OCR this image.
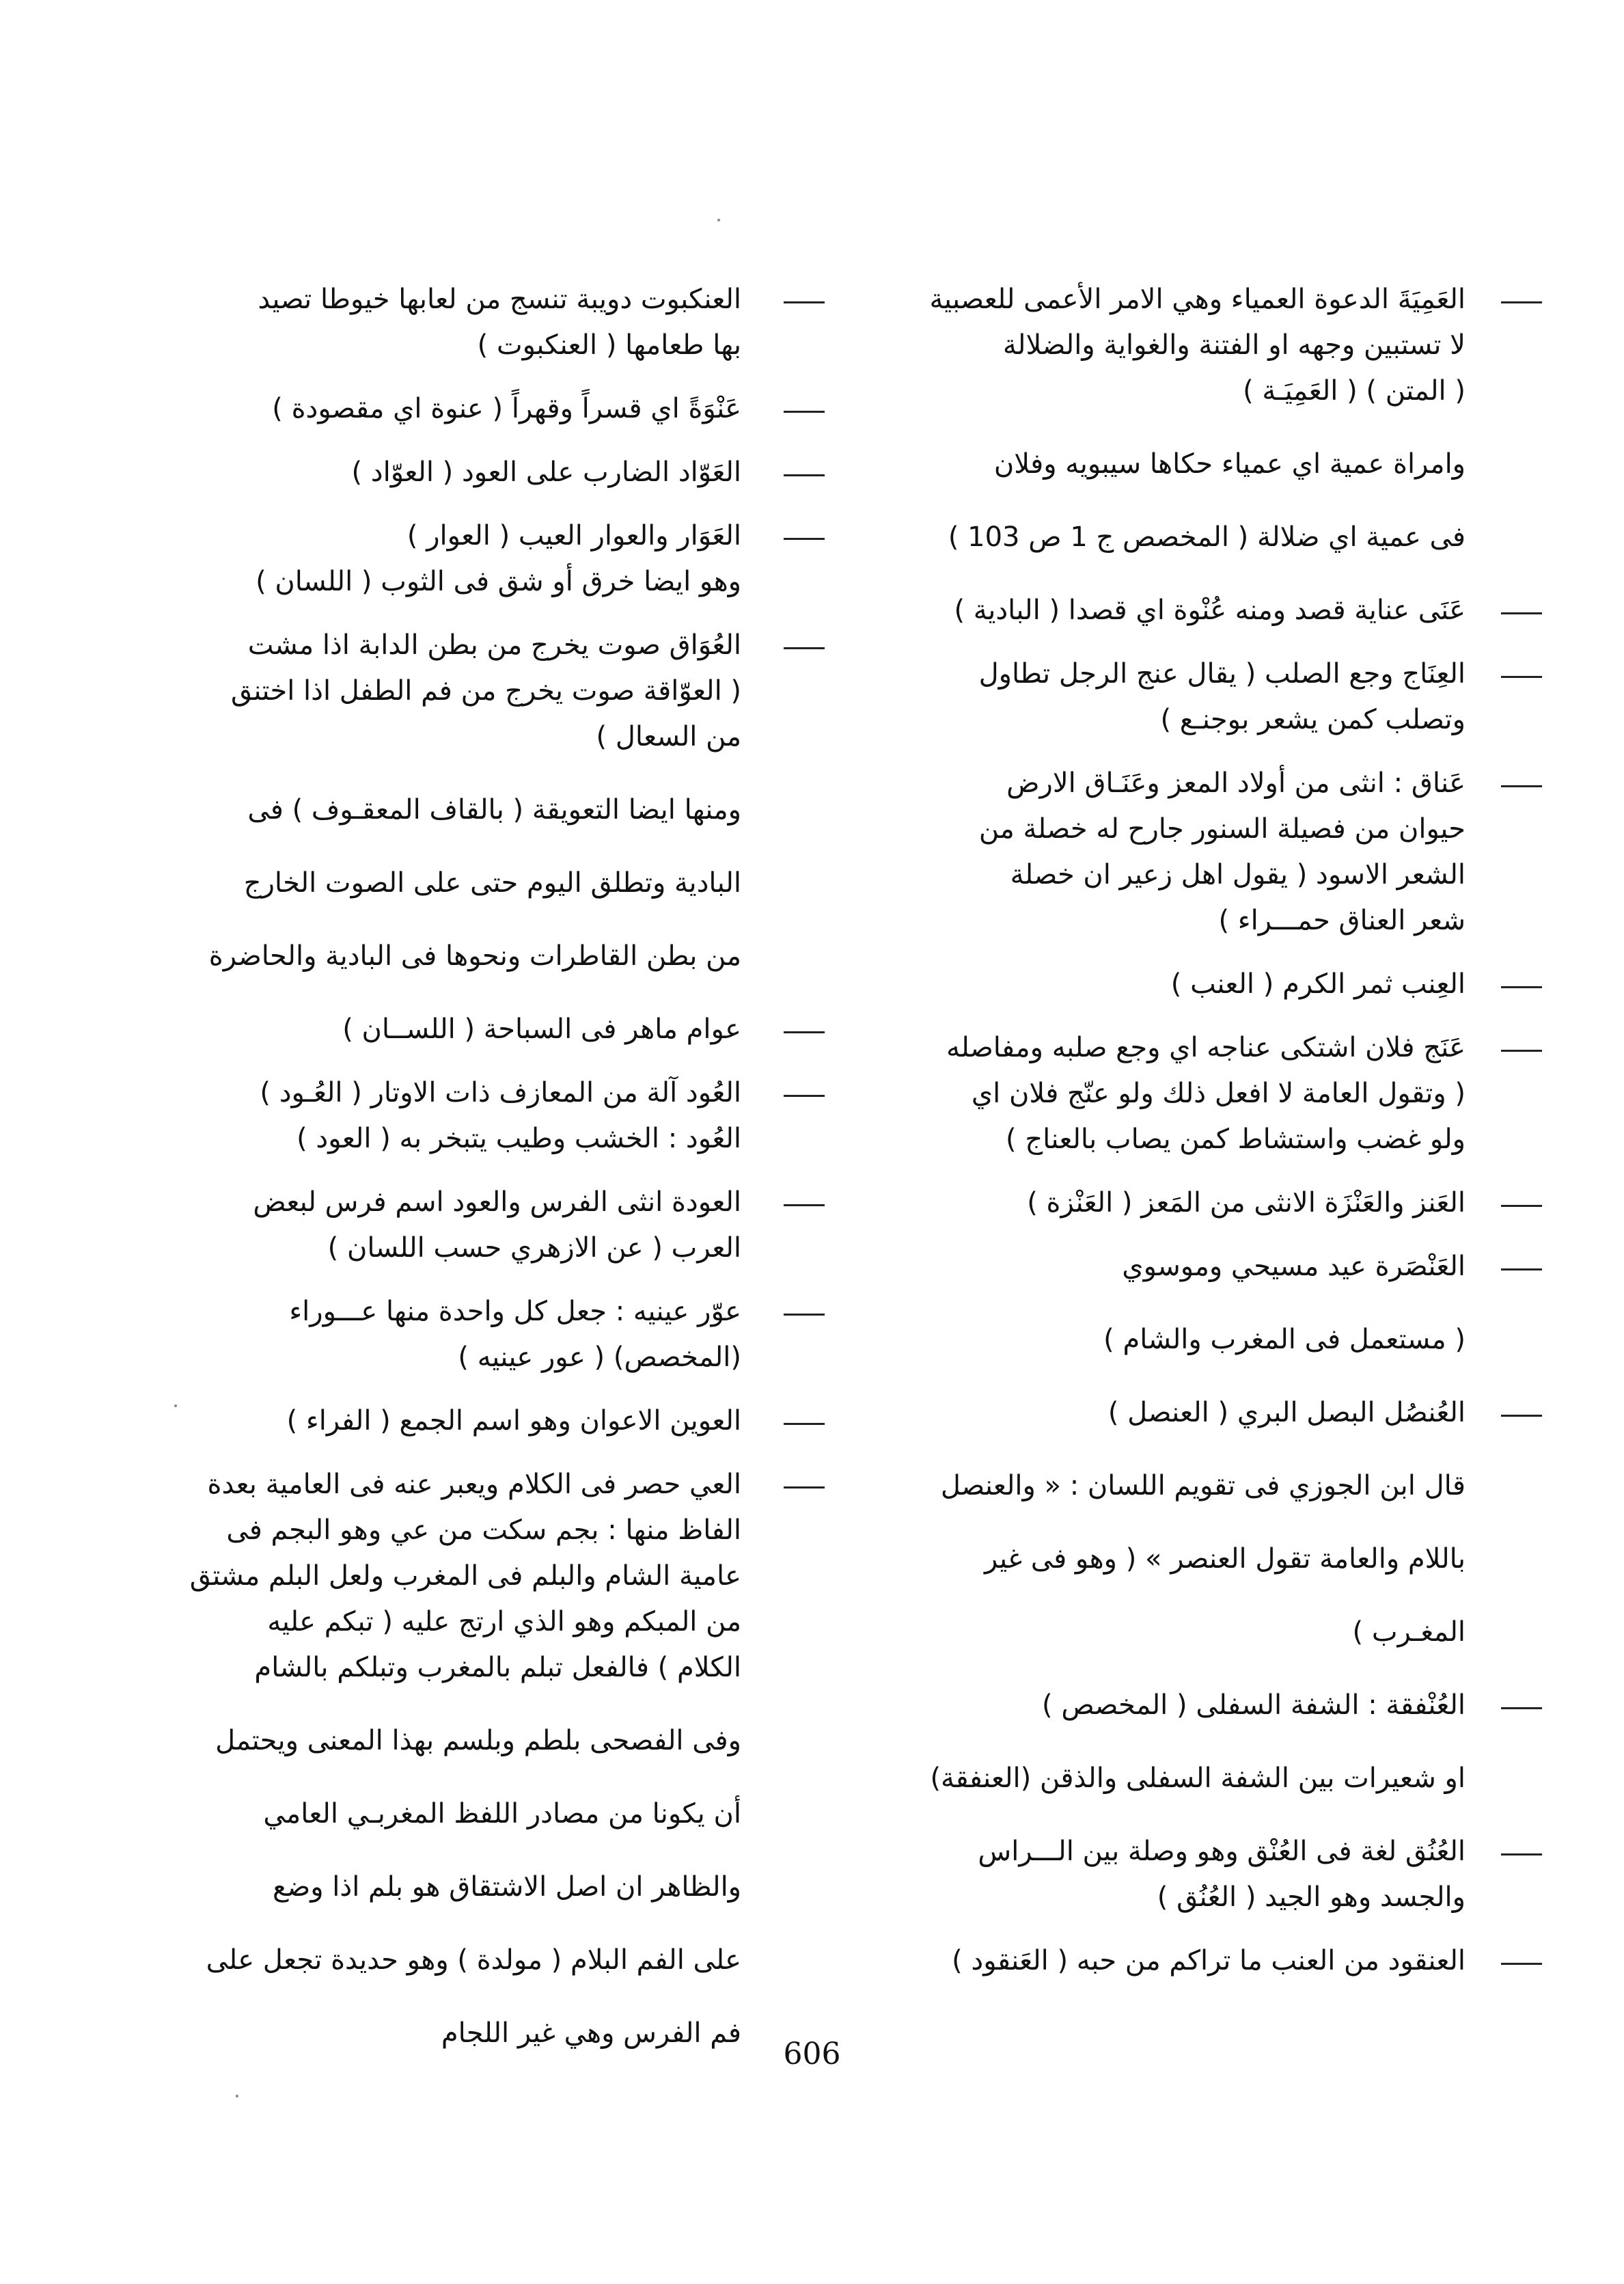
العَمِيَةَ الدعوة العمياء وهي الامر الأعمى للعصبية

لا تستبين وجهه او الفتنة والغواية والضلالة

( المتن ) ( العَمِيَـة )

وامراة عمية اي عمياء حكاها سيبويه وفلان

فى عمية اي ضلالة ( المخصص ج 1 ص 103 )

عَنَى عناية قصد ومنه عُنْوة اي قصدا ( البادية )

العِنَاج وجع الصلب ( يقال عنج الرجل تطاول

وتصلب كمن يشعر بوجنـع )

عَناق : انثى من أولاد المعز وعَنَـاق الارض

حيوان من فصيلة السنور جارح له خصلة من

الشعر الاسود ( يقول اهل زعير ان خصلة

شعر العناق حمـــراء )

العِنب ثمر الكرم ( العنب )

عَنَج فلان اشتكى عناجه اي وجع صلبه ومفاصله

( وتقول العامة لا افعل ذلك ولو عنّج فلان اي

ولو غضب واستشاط كمن يصاب بالعناج )

العَنز والعَنْزَة الانثى من المَعز ( العَنْزة )

العَنْصَرة عيد مسيحي وموسوي

( مستعمل فى المغرب والشام )

العُنصُل البصل البري ( العنصل )

قال ابن الجوزي فى تقويم اللسان : « والعنصل

باللام والعامة تقول العنصر » ( وهو فى غير

المغـرب )

العُنْفقة : الشفة السفلى ( المخصص )

او شعيرات بين الشفة السفلى والذقن (العنفقة)

العُنُق لغة فى العُنْق وهو وصلة بين الـــراس

والجسد وهو الجيد ( العُنُق )

العنقود من العنب ما تراكم من حبه ( العَنقود )

العنكبوت دويبة تنسج من لعابها خيوطا تصيد

بها طعامها ( العنكبوت )

عَنْوَةً اي قسراً وقهراً ( عنوة اي مقصودة )

العَوّاد الضارب على العود ( العوّاد )

العَوَار والعوار العيب ( العوار )

وهو ايضا خرق أو شق فى الثوب ( اللسان )

العُوَاق صوت يخرج من بطن الدابة اذا مشت

( العوّاقة صوت يخرج من فم الطفل اذا اختنق

من السعال )

ومنها ايضا التعويقة ( بالقاف المعقـوف ) فى

البادية وتطلق اليوم حتى على الصوت الخارج

من بطن القاطرات ونحوها فى البادية والحاضرة

عوام ماهر فى السباحة ( اللســان )

العُود آلة من المعازف ذات الاوتار ( العُـود )

العُود : الخشب وطيب يتبخر به ( العود )

العودة انثى الفرس والعود اسم فرس لبعض

العرب ( عن الازهري حسب اللسان )

عوّر عينيه : جعل كل واحدة منها عـــوراء

(المخصص) ( عور عينيه )

العوين الاعوان وهو اسم الجمع ( الفراء )

العي حصر فى الكلام ويعبر عنه فى العامية بعدة

الفاظ منها : بجم سكت من عي وهو البجم فى

عامية الشام والبلم فى المغرب ولعل البلم مشتق

من المبكم وهو الذي ارتج عليه ( تبكم عليه

الكلام ) فالفعل تبلم بالمغرب وتبلكم بالشام

وفى الفصحى بلطم وبلسم بهذا المعنى ويحتمل

أن يكونا من مصادر اللفظ المغربـي العامي

والظاهر ان اصل الاشتقاق هو بلم اذا وضع

على الفم البلام ( مولدة ) وهو حديدة تجعل على

فم الفرس وهي غير اللجام

606
